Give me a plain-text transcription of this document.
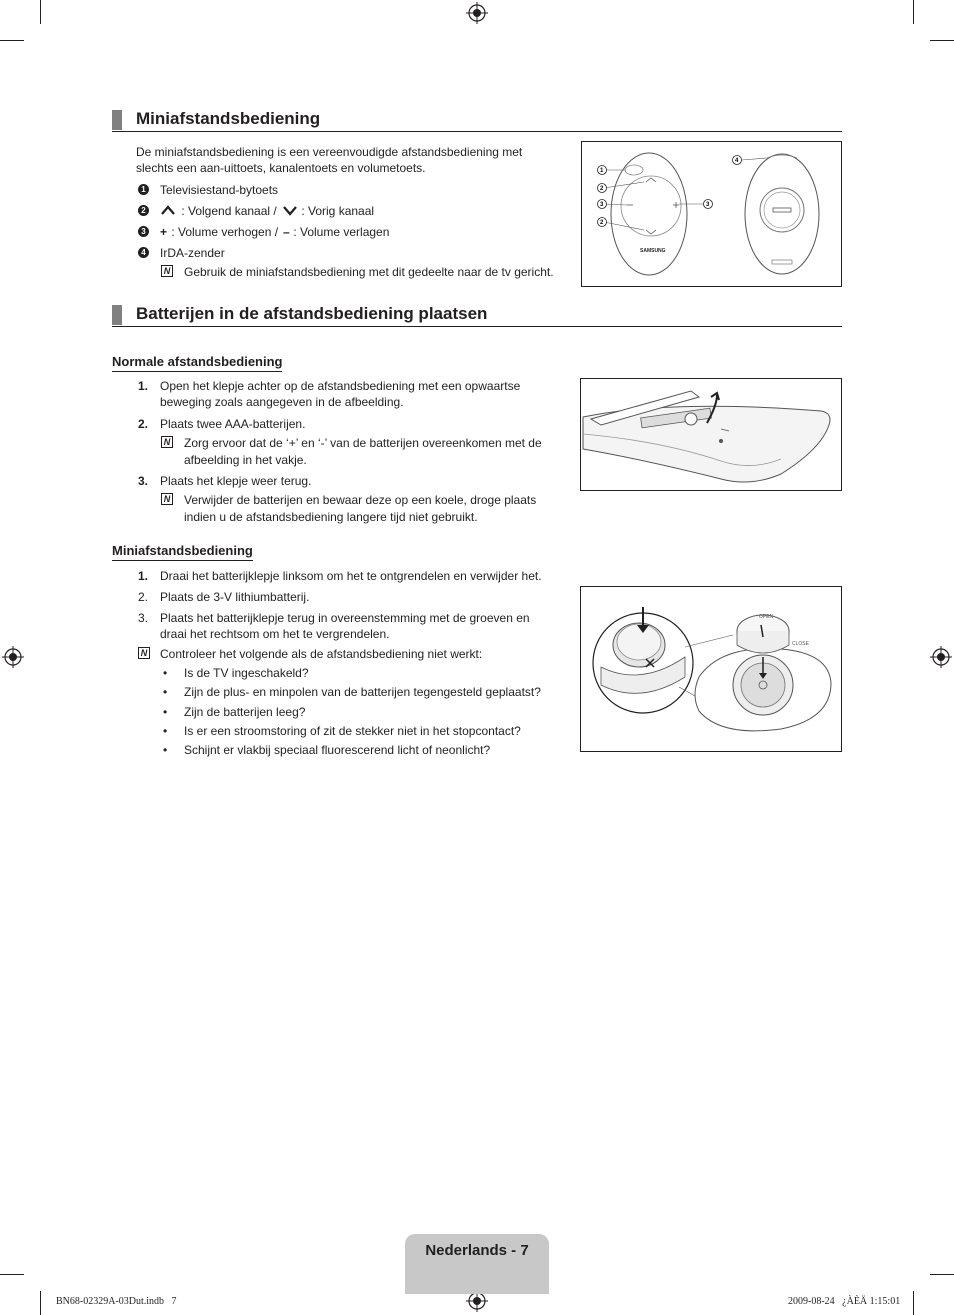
Miniafstandsbediening
De miniafstandsbediening is een vereenvoudigde afstandsbediening met
slechts een aan-uittoets, kanalentoets en volumetoets.
1 Televisiestand-bytoets
2	: Volgend kanaal / : Vorig kanaal
3 + : Volume verhogen / – : Volume verlagen
4 IrDA-zender
N Gebruik de miniafstandsbediening met dit gedeelte naar de tv gericht.
SAMSUNG
1
2
3
2
3
4
Batterijen in de afstandsbediening plaatsen
Normale afstandsbediening
1. Open het klepje achter op de afstandsbediening met een opwaartse
beweging zoals aangegeven in de afbeelding.
2. Plaats twee AAA-batterijen.
N Zorg ervoor dat de ‘+’ en ‘-’ van de batterijen overeenkomen met de
afbeelding in het vakje.
3. Plaats het klepje weer terug.
N Verwijder de batterijen en bewaar deze op een koele, droge plaats
indien u de afstandsbediening langere tijd niet gebruikt.
Miniafstandsbediening
1. Draai het batterijklepje linksom om het te ontgrendelen en verwijder het.
2. Plaats de 3-V lithiumbatterij.
3. Plaats het batterijklepje terug in overeenstemming met de groeven en
draai het rechtsom om het te vergrendelen.
N Controleer het volgende als de afstandsbediening niet werkt:
• Is de TV ingeschakeld?
• Zijn de plus- en minpolen van de batterijen tegengesteld geplaatst?
• Zijn de batterijen leeg?
• Is er een stroomstoring of zit de stekker niet in het stopcontact?
• Schijnt er vlakbij speciaal fluorescerend licht of neonlicht?
OPEN
CLOSE
Nederlands - 7
BN68-02329A-03Dut.indb   7	2009-08-24   ¿ÀÈÄ 1:15:01
